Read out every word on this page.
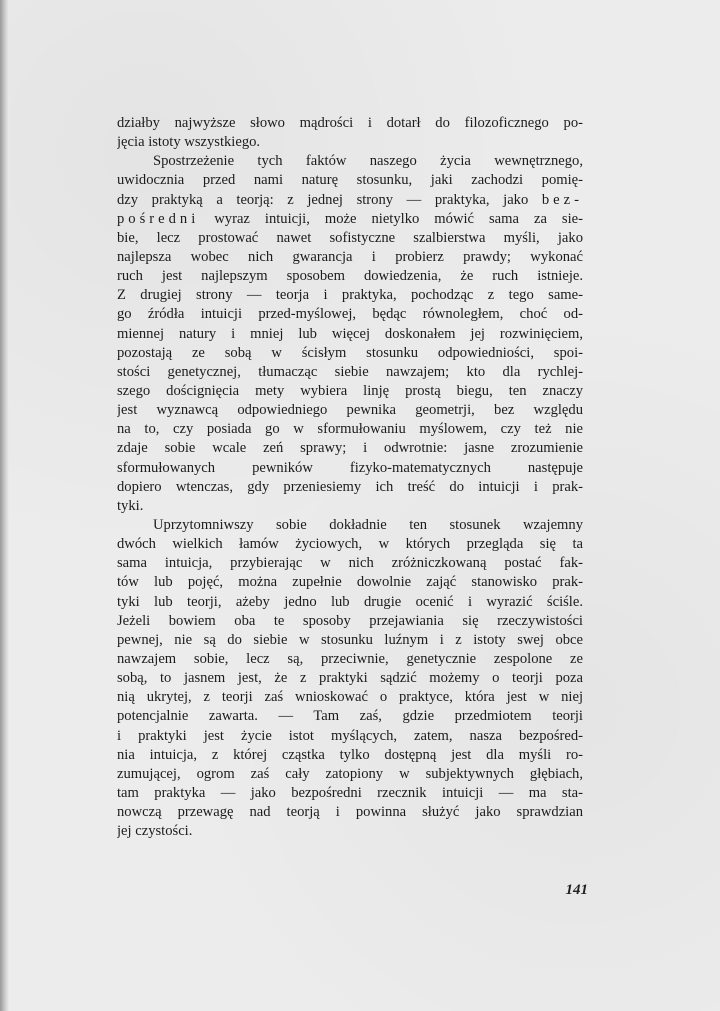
działby najwyższe słowo mądrości i dotarł do filozoficznego po-
jęcia istoty wszystkiego.
Spostrzeżenie tych faktów naszego życia wewnętrznego,
uwidocznia przed nami naturę stosunku, jaki zachodzi pomię-
dzy praktyką a teorją: z jednej strony — praktyka, jako bez-
pośredni wyraz intuicji, może nietylko mówić sama za sie-
bie, lecz prostować nawet sofistyczne szalbierstwa myśli, jako
najlepsza wobec nich gwarancja i probierz prawdy; wykonać
ruch jest najlepszym sposobem dowiedzenia, że ruch istnieje.
Z drugiej strony — teorja i praktyka, pochodząc z tego same-
go źródła intuicji przed-myślowej, będąc równoległem, choć od-
miennej natury i mniej lub więcej doskonałem jej rozwinięciem,
pozostają ze sobą w ścisłym stosunku odpowiedniości, spoi-
stości genetycznej, tłumacząc siebie nawzajem; kto dla rychlej-
szego doścignięcia mety wybiera linję prostą biegu, ten znaczy
jest wyznawcą odpowiedniego pewnika geometrji, bez względu
na to, czy posiada go w sformułowaniu myślowem, czy też nie
zdaje sobie wcale zeń sprawy; i odwrotnie: jasne zrozumienie
sformułowanych pewników fizyko-matematycznych następuje
dopiero wtenczas, gdy przeniesiemy ich treść do intuicji i prak-
tyki.
Uprzytomniwszy sobie dokładnie ten stosunek wzajemny
dwóch wielkich łamów życiowych, w których przegląda się ta
sama intuicja, przybierając w nich zróżniczkowaną postać fak-
tów lub pojęć, można zupełnie dowolnie zająć stanowisko prak-
tyki lub teorji, ażeby jedno lub drugie ocenić i wyrazić ściśle.
Jeżeli bowiem oba te sposoby przejawiania się rzeczywistości
pewnej, nie są do siebie w stosunku luźnym i z istoty swej obce
nawzajem sobie, lecz są, przeciwnie, genetycznie zespolone ze
sobą, to jasnem jest, że z praktyki sądzić możemy o teorji poza
nią ukrytej, z teorji zaś wnioskować o praktyce, która jest w niej
potencjalnie zawarta. — Tam zaś, gdzie przedmiotem teorji
i praktyki jest życie istot myślących, zatem, nasza bezpośred-
nia intuicja, z której cząstka tylko dostępną jest dla myśli ro-
zumującej, ogrom zaś cały zatopiony w subjektywnych głębiach,
tam praktyka — jako bezpośredni rzecznik intuicji — ma sta-
nowczą przewagę nad teorją i powinna służyć jako sprawdzian
jej czystości.
141
